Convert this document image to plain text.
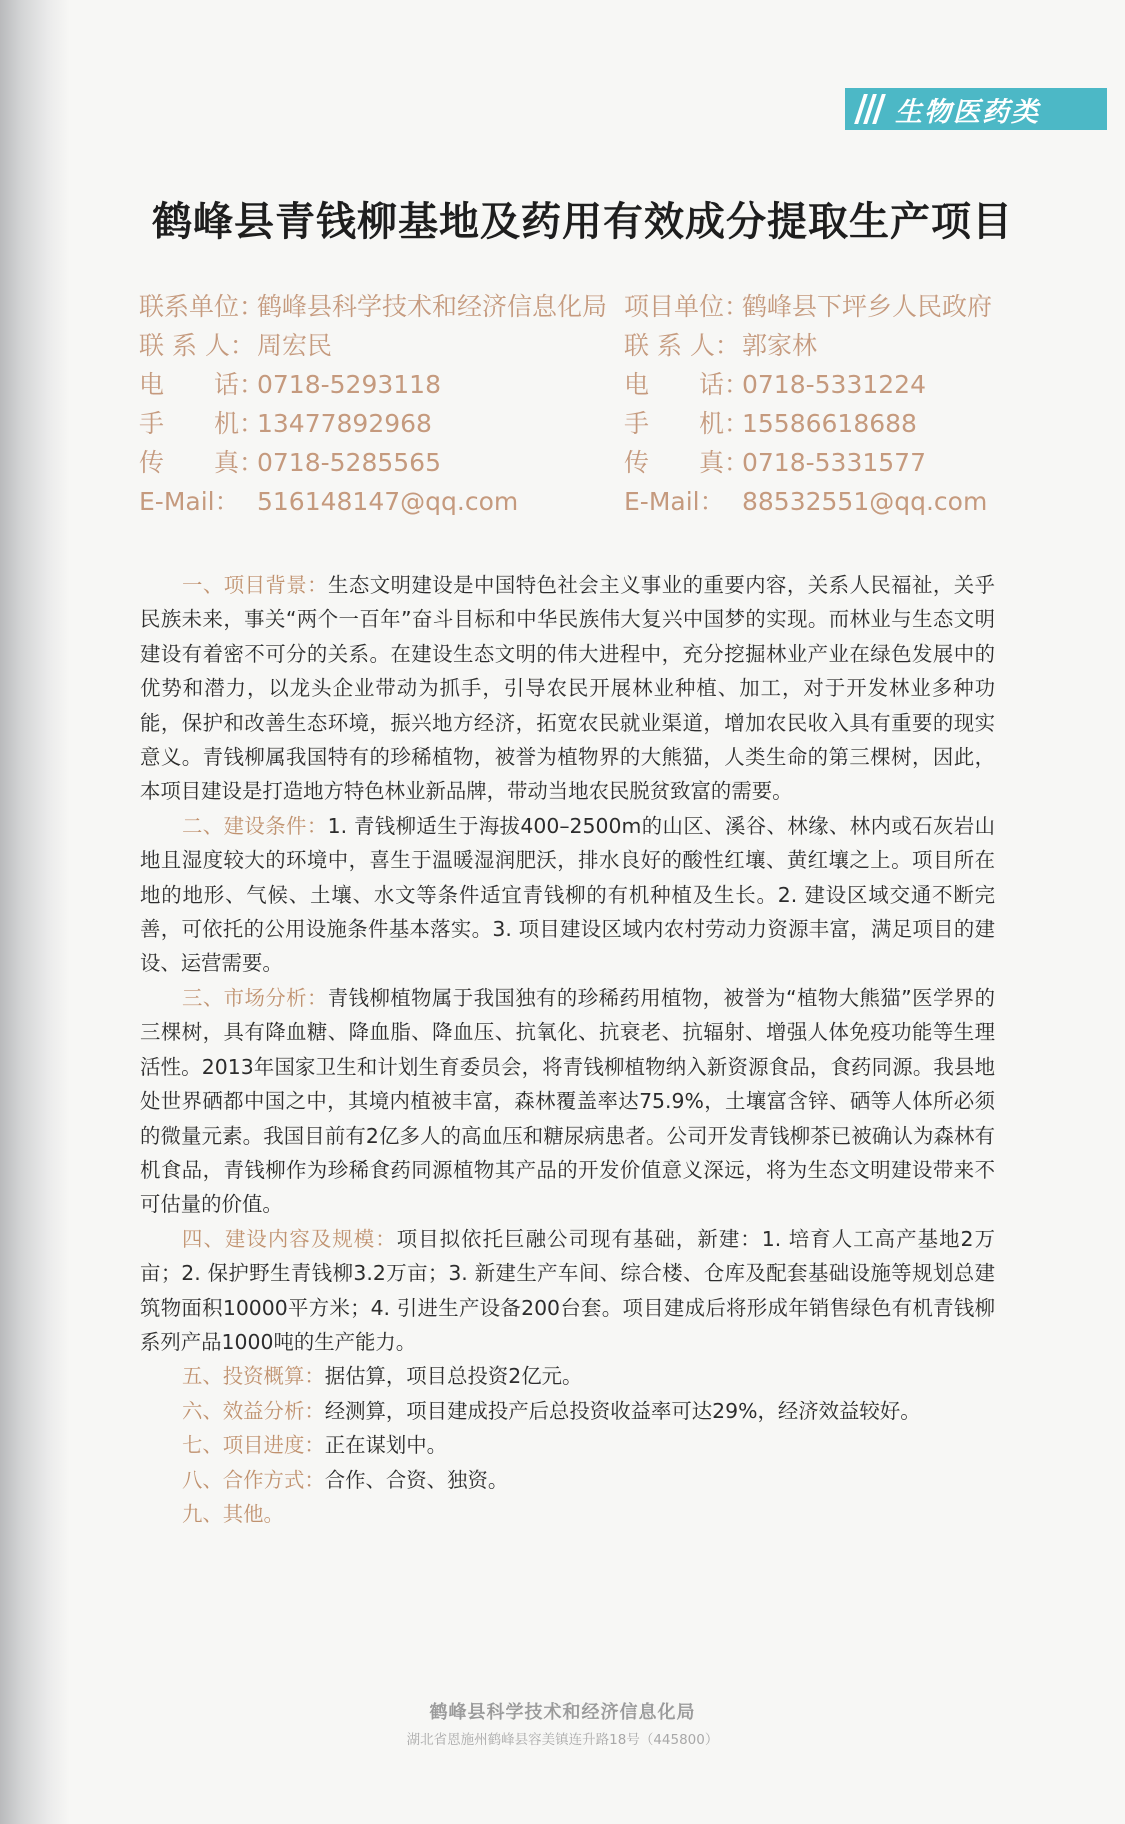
生物医药类
鹤峰县青钱柳基地及药用有效成分提取生产项目
联系单位：鹤峰县科学技术和经济信息化局
联 系 人：周宏民
电　　话：0718-5293118
手　　机：13477892968
传　　真：0718-5285565
E-Mail： 516148147@qq.com
项目单位：鹤峰县下坪乡人民政府
联 系 人：郭家林
电　　话：0718-5331224
手　　机：15586618688
传　　真：0718-5331577
E-Mail： 88532551@qq.com

一、项目背景：生态文明建设是中国特色社会主义事业的重要内容，关系人民福祉，关乎民族未来，事关“两个一百年”奋斗目标和中华民族伟大复兴中国梦的实现。而林业与生态文明建设有着密不可分的关系。在建设生态文明的伟大进程中，充分挖掘林业产业在绿色发展中的优势和潜力，以龙头企业带动为抓手，引导农民开展林业种植、加工，对于开发林业多种功能，保护和改善生态环境，振兴地方经济，拓宽农民就业渠道，增加农民收入具有重要的现实意义。青钱柳属我国特有的珍稀植物，被誉为植物界的大熊猫，人类生命的第三棵树，因此，本项目建设是打造地方特色林业新品牌，带动当地农民脱贫致富的需要。

二、建设条件：1. 青钱柳适生于海拔400–2500m的山区、溪谷、林缘、林内或石灰岩山地且湿度较大的环境中，喜生于温暖湿润肥沃，排水良好的酸性红壤、黄红壤之上。项目所在地的地形、气候、土壤、水文等条件适宜青钱柳的有机种植及生长。2. 建设区域交通不断完善，可依托的公用设施条件基本落实。3. 项目建设区域内农村劳动力资源丰富，满足项目的建设、运营需要。

三、市场分析：青钱柳植物属于我国独有的珍稀药用植物，被誉为“植物大熊猫”医学界的三棵树，具有降血糖、降血脂、降血压、抗氧化、抗衰老、抗辐射、增强人体免疫功能等生理活性。2013年国家卫生和计划生育委员会，将青钱柳植物纳入新资源食品，食药同源。我县地处世界硒都中国之中，其境内植被丰富，森林覆盖率达75.9%，土壤富含锌、硒等人体所必须的微量元素。我国目前有2亿多人的高血压和糖尿病患者。公司开发青钱柳茶已被确认为森林有机食品，青钱柳作为珍稀食药同源植物其产品的开发价值意义深远，将为生态文明建设带来不可估量的价值。

四、建设内容及规模：项目拟依托巨融公司现有基础，新建：1. 培育人工高产基地2万亩；2. 保护野生青钱柳3.2万亩；3. 新建生产车间、综合楼、仓库及配套基础设施等规划总建筑物面积10000平方米；4. 引进生产设备200台套。项目建成后将形成年销售绿色有机青钱柳系列产品1000吨的生产能力。

五、投资概算：据估算，项目总投资2亿元。

六、效益分析：经测算，项目建成投产后总投资收益率可达29%，经济效益较好。

七、项目进度：正在谋划中。

八、合作方式：合作、合资、独资。

九、其他。

鹤峰县科学技术和经济信息化局
湖北省恩施州鹤峰县容美镇连升路18号（445800）
